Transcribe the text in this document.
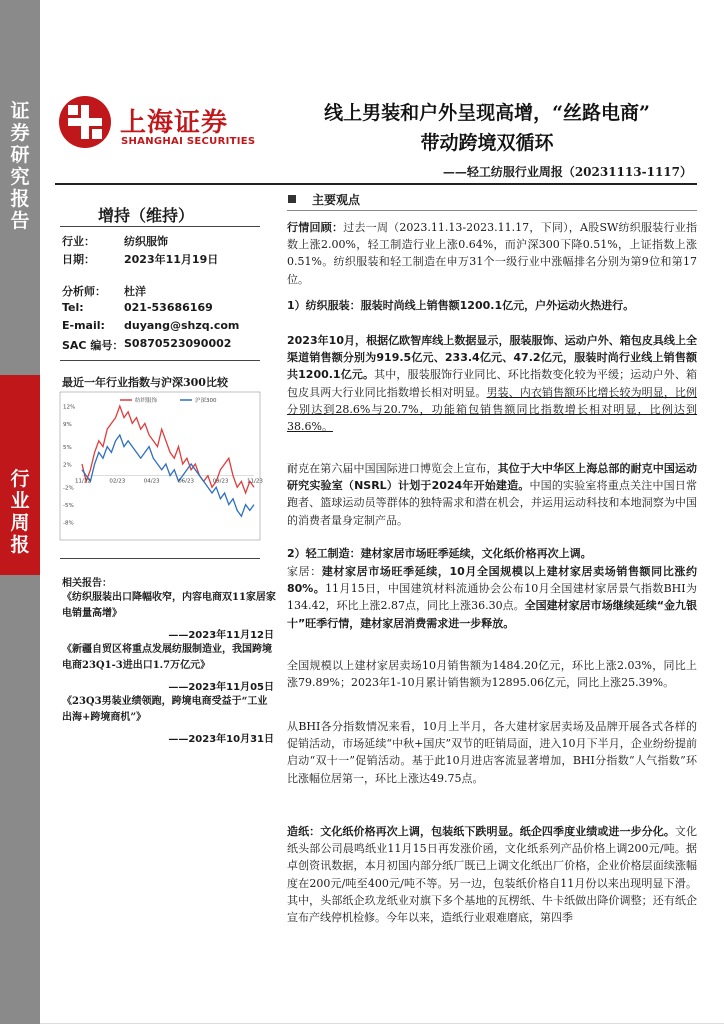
证券研究报告
行业周报
上海证券
SHANGHAI SECURITIES
线上男装和户外呈现高增，“丝路电商”
带动跨境双循环
——轻工纺服行业周报（20231113-1117）
增持（维持）
行业：	纺织服饰
日期：	2023年11月19日
分析师： 杜洋
Tel:	021-53686169
E-mail: duyang@shzq.com
SAC 编号： S0870523090002
最近一年行业指数与沪深300比较
纺织服饰	沪深300
12%
9%
5%
2%
-2%
-5%
-8%
11/22	02/23	04/23	06/23	09/23	11/23
相关报告：
《纺织服装出口降幅收窄，内容电商双11家居家电销量高增》
——2023年11月12日
《新疆自贸区将重点发展纺服制造业，我国跨境电商23Q1-3进出口1.7万亿元》
——2023年11月05日
《23Q3男装业绩领跑，跨境电商受益于“工业出海+跨境商机”》
——2023年10月31日
主要观点
行情回顾：过去一周（2023.11.13-2023.11.17，下同），A股SW纺织服装行业指数上涨2.00%，轻工制造行业上涨0.64%，而沪深300下降0.51%，上证指数上涨0.51%。纺织服装和轻工制造在申万31个一级行业中涨幅排名分别为第9位和第17位。
1）纺织服装：服装时尚线上销售额1200.1亿元，户外运动火热进行。
2023年10月，根据亿欧智库线上数据显示，服装服饰、运动户外、箱包皮具线上全渠道销售额分别为919.5亿元、233.4亿元、47.2亿元，服装时尚行业线上销售额共1200.1亿元。其中，服装服饰行业同比、环比指数变化较为平缓；运动户外、箱包皮具两大行业同比指数增长相对明显。男装、内衣销售额环比增长较为明显，比例分别达到28.6%与20.7%，功能箱包销售额同比指数增长相对明显，比例达到38.6%。
耐克在第六届中国国际进口博览会上宣布，其位于大中华区上海总部的耐克中国运动研究实验室（NSRL）计划于2024年开始建造。中国的实验室将重点关注中国日常跑者、篮球运动员等群体的独特需求和潜在机会，并运用运动科技和本地洞察为中国的消费者量身定制产品。
2）轻工制造：建材家居市场旺季延续，文化纸价格再次上调。
家居：建材家居市场旺季延续，10月全国规模以上建材家居卖场销售额同比涨约80%。11月15日，中国建筑材料流通协会公布10月全国建材家居景气指数BHI为134.42，环比上涨2.87点，同比上涨36.30点。全国建材家居市场继续延续“金九银十”旺季行情，建材家居消费需求进一步释放。
全国规模以上建材家居卖场10月销售额为1484.20亿元，环比上涨2.03%，同比上涨79.89%；2023年1-10月累计销售额为12895.06亿元，同比上涨25.39%。
从BHI各分指数情况来看，10月上半月，各大建材家居卖场及品牌开展各式各样的促销活动，市场延续“中秋+国庆”双节的旺销局面，进入10月下半月，企业纷纷提前启动“双十一”促销活动。基于此10月进店客流显著增加，BHI分指数“人气指数”环比涨幅位居第一，环比上涨达49.75点。
造纸：文化纸价格再次上调，包装纸下跌明显。纸企四季度业绩或进一步分化。文化纸头部公司晨鸣纸业11月15日再发涨价函，文化纸系列产品价格上调200元/吨。据卓创资讯数据，本月初国内部分纸厂既已上调文化纸出厂价格，企业价格层面续涨幅度在200元/吨至400元/吨不等。另一边，包装纸价格自11月份以来出现明显下滑。其中，头部纸企玖龙纸业对旗下多个基地的瓦楞纸、牛卡纸做出降价调整；还有纸企宣布产线停机检修。今年以来，造纸行业艰难磨底，第四季
